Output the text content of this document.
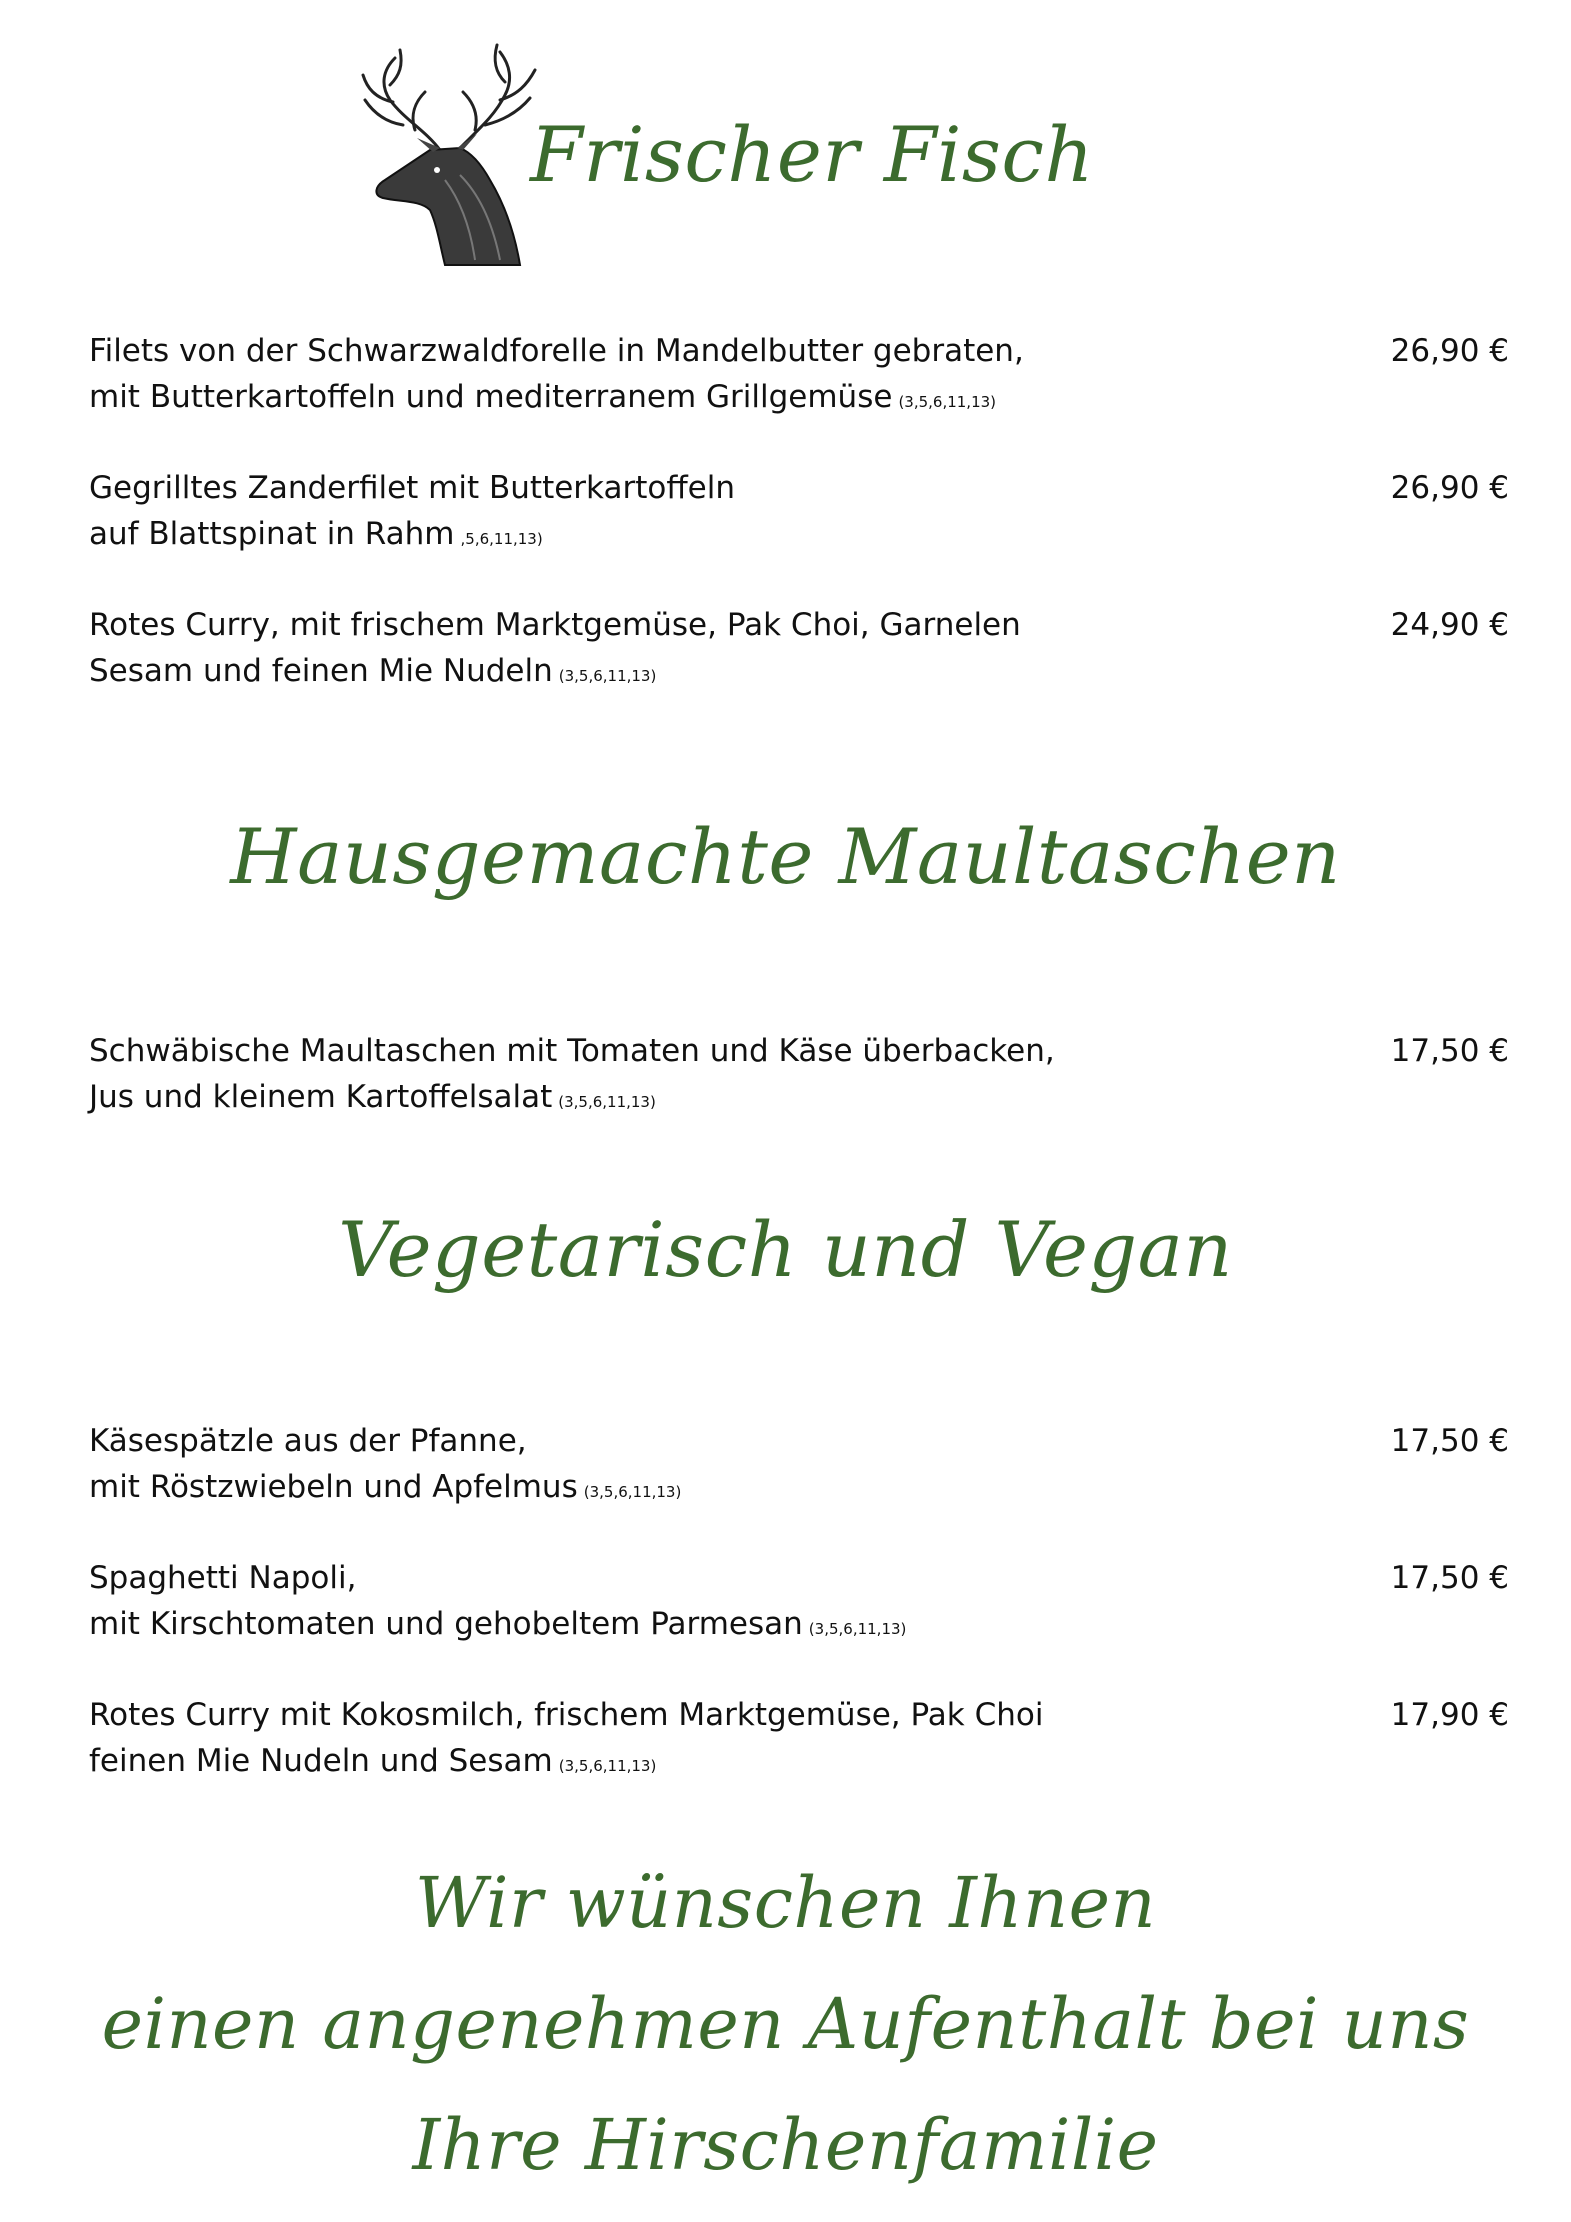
Frischer Fisch
Filets von der Schwarzwaldforelle in Mandelbutter gebraten,
mit Butterkartoffeln und mediterranem Grillgemüse (3,5,6,11,13)
26,90 €
Gegrilltes Zanderfilet mit Butterkartoffeln
auf Blattspinat in Rahm ,5,6,11,13)
26,90 €
Rotes Curry, mit frischem Marktgemüse, Pak Choi, Garnelen
Sesam und feinen Mie Nudeln (3,5,6,11,13)
24,90 €
Hausgemachte Maultaschen
Schwäbische Maultaschen mit Tomaten und Käse überbacken,
Jus und kleinem Kartoffelsalat (3,5,6,11,13)
17,50 €
Vegetarisch und Vegan
Käsespätzle aus der Pfanne,
mit Röstzwiebeln und Apfelmus (3,5,6,11,13)
17,50 €
Spaghetti Napoli,
mit Kirschtomaten und gehobeltem Parmesan (3,5,6,11,13)
17,50 €
Rotes Curry mit Kokosmilch, frischem Marktgemüse, Pak Choi
feinen Mie Nudeln und Sesam (3,5,6,11,13)
17,90 €
Wir wünschen Ihnen
einen angenehmen Aufenthalt bei uns
Ihre Hirschenfamilie
